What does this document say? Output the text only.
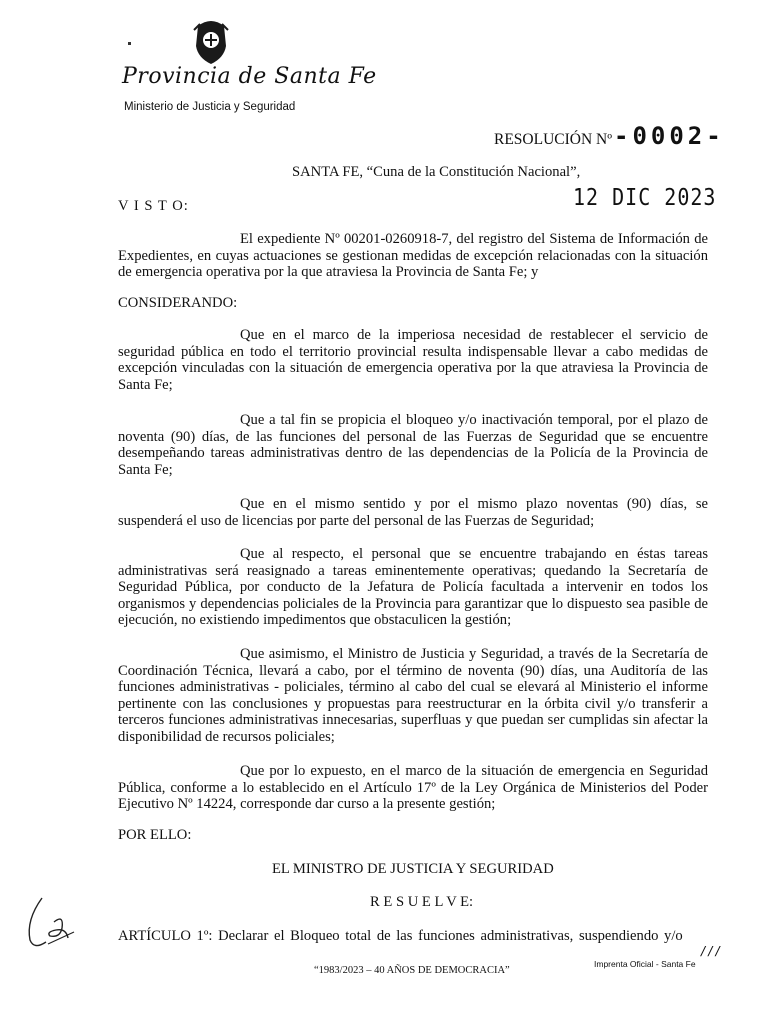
Provincia de Santa Fe
Ministerio de Justicia y Seguridad
RESOLUCIÓN Nº -0002-
SANTA FE, “Cuna de la Constitución Nacional”,
12 DIC 2023
V I S T O:

El expediente Nº 00201-0260918-7, del registro del Sistema de Información de Expedientes, en cuyas actuaciones se gestionan medidas de excepción relacionadas con la situación de emergencia operativa por la que atraviesa la Provincia de Santa Fe; y

CONSIDERANDO:

Que en el marco de la imperiosa necesidad de restablecer el servicio de seguridad pública en todo el territorio provincial resulta indispensable llevar a cabo medidas de excepción vinculadas con la situación de emergencia operativa por la que atraviesa la Provincia de Santa Fe;

Que a tal fin se propicia el bloqueo y/o inactivación temporal, por el plazo de noventa (90) días, de las funciones del personal de las Fuerzas de Seguridad que se encuentre desempeñando tareas administrativas dentro de las dependencias de la Policía de la Provincia de Santa Fe;

Que en el mismo sentido y por el mismo plazo noventas (90) días, se suspenderá el uso de licencias por parte del personal de las Fuerzas de Seguridad;

Que al respecto, el personal que se encuentre trabajando en éstas tareas administrativas será reasignado a tareas eminentemente operativas; quedando la Secretaría de Seguridad Pública, por conducto de la Jefatura de Policía facultada a intervenir en todos los organismos y dependencias policiales de la Provincia para garantizar que lo dispuesto sea pasible de ejecución, no existiendo impedimentos que obstaculicen la gestión;

Que asimismo, el Ministro de Justicia y Seguridad, a través de la Secretaría de Coordinación Técnica, llevará a cabo, por el término de noventa (90) días, una Auditoría de las funciones administrativas - policiales, término al cabo del cual se elevará al Ministerio el informe pertinente con las conclusiones y propuestas para reestructurar en la órbita civil y/o transferir a terceros funciones administrativas innecesarias, superfluas y que puedan ser cumplidas sin afectar la disponibilidad de recursos policiales;

Que por lo expuesto, en el marco de la situación de emergencia en Seguridad Pública, conforme a lo establecido en el Artículo 17º de la Ley Orgánica de Ministerios del Poder Ejecutivo Nº 14224, corresponde dar curso a la presente gestión;

POR ELLO:
EL MINISTRO DE JUSTICIA Y SEGURIDAD
R E S U E L V E:

ARTÍCULO 1º: Declarar el Bloqueo total de las funciones administrativas, suspendiendo y/o

///
“1983/2023 – 40 AÑOS DE DEMOCRACIA”
Imprenta Oficial - Santa Fe
